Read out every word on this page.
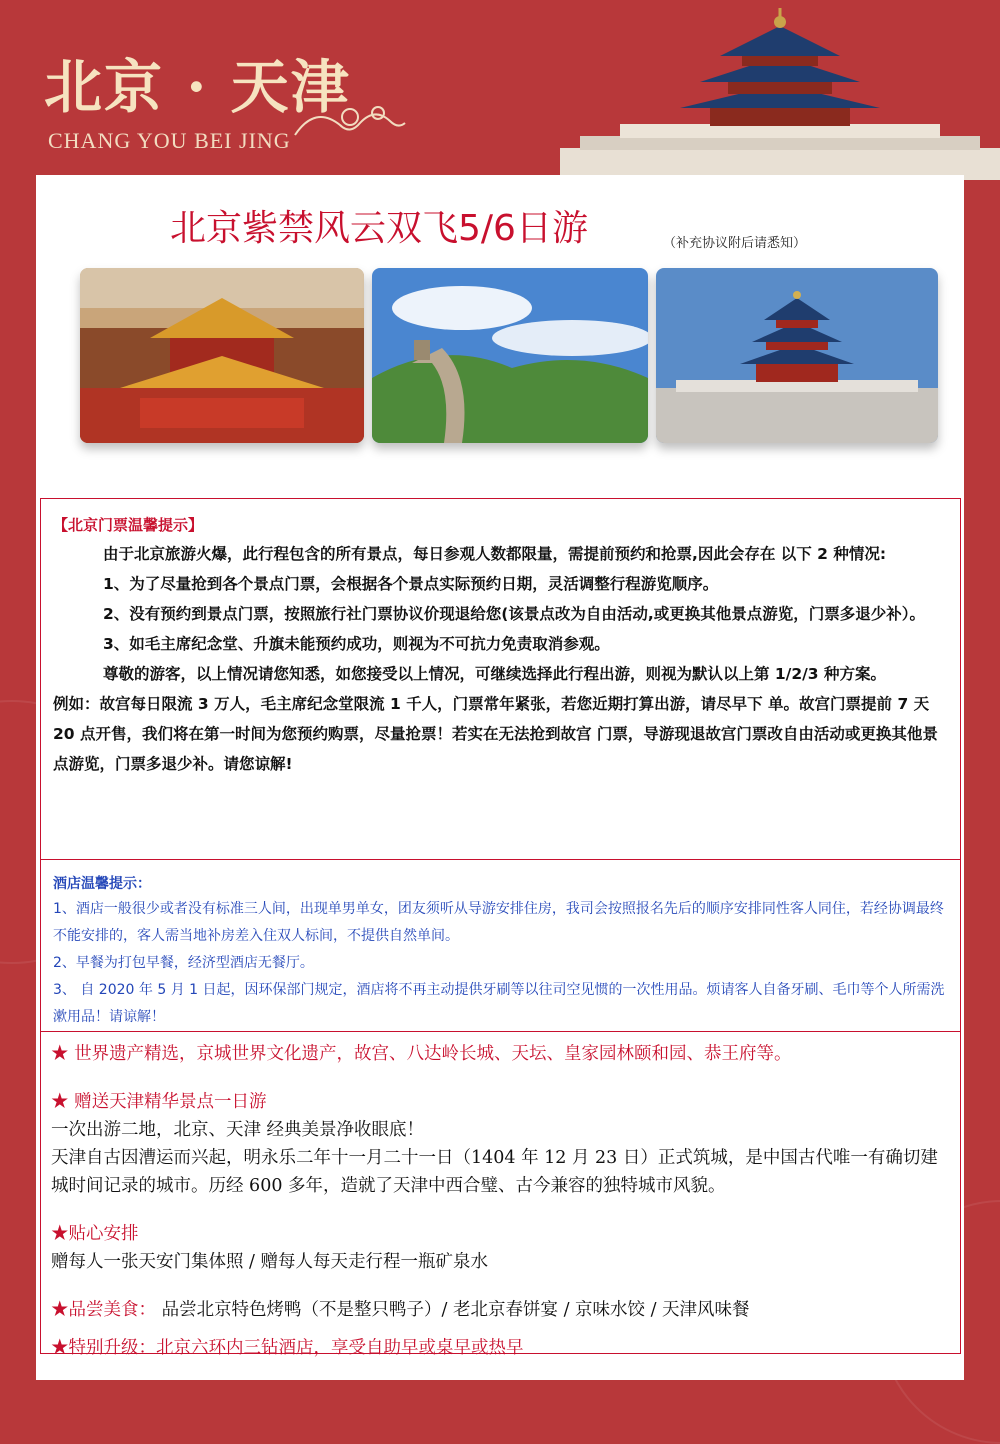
北京 · 天津
CHANG YOU BEI JING
北京紫禁风云双飞5/6日游	（补充协议附后请悉知）

【北京门票温馨提示】

由于北京旅游火爆，此行程包含的所有景点，每日参观人数都限量，需提前预约和抢票,因此会存在 以下 2 种情况:

1、为了尽量抢到各个景点门票，会根据各个景点实际预约日期，灵活调整行程游览顺序。

2、没有预约到景点门票，按照旅行社门票协议价现退给您(该景点改为自由活动,或更换其他景点游览，门票多退少补）。

3、如毛主席纪念堂、升旗未能预约成功，则视为不可抗力免责取消参观。

尊敬的游客，以上情况请您知悉，如您接受以上情况，可继续选择此行程出游，则视为默认以上第 1/2/3 种方案。

例如：故宫每日限流 3 万人，毛主席纪念堂限流 1 千人，门票常年紧张，若您近期打算出游，请尽早下 单。故宫门票提前 7 天 20 点开售，我们将在第一时间为您预约购票，尽量抢票！若实在无法抢到故宫 门票，导游现退故宫门票改自由活动或更换其他景点游览，门票多退少补。请您谅解!

酒店温馨提示：

1、酒店一般很少或者没有标准三人间，出现单男单女，团友须听从导游安排住房，我司会按照报名先后的顺序安排同性客人同住，若经协调最终不能安排的，客人需当地补房差入住双人标间，不提供自然单间。

2、早餐为打包早餐，经济型酒店无餐厅。

3、 自 2020 年 5 月 1 日起，因环保部门规定，酒店将不再主动提供牙刷等以往司空见惯的一次性用品。烦请客人自备牙刷、毛巾等个人所需洗漱用品！请谅解！

★ 世界遗产精选，京城世界文化遗产，故宫、八达岭长城、天坛、皇家园林颐和园、恭王府等。

★ 赠送天津精华景点一日游

一次出游二地，北京、天津 经典美景净收眼底！

天津自古因漕运而兴起，明永乐二年十一月二十一日（1404 年 12 月 23 日）正式筑城，是中国古代唯一有确切建城时间记录的城市。历经 600 多年，造就了天津中西合璧、古今兼容的独特城市风貌。

★贴心安排

赠每人一张天安门集体照 / 赠每人每天走行程一瓶矿泉水

★品尝美食： 品尝北京特色烤鸭（不是整只鸭子）/ 老北京春饼宴 / 京味水饺 / 天津风味餐

★特别升级：北京六环内三钻酒店，享受自助早或桌早或热早
